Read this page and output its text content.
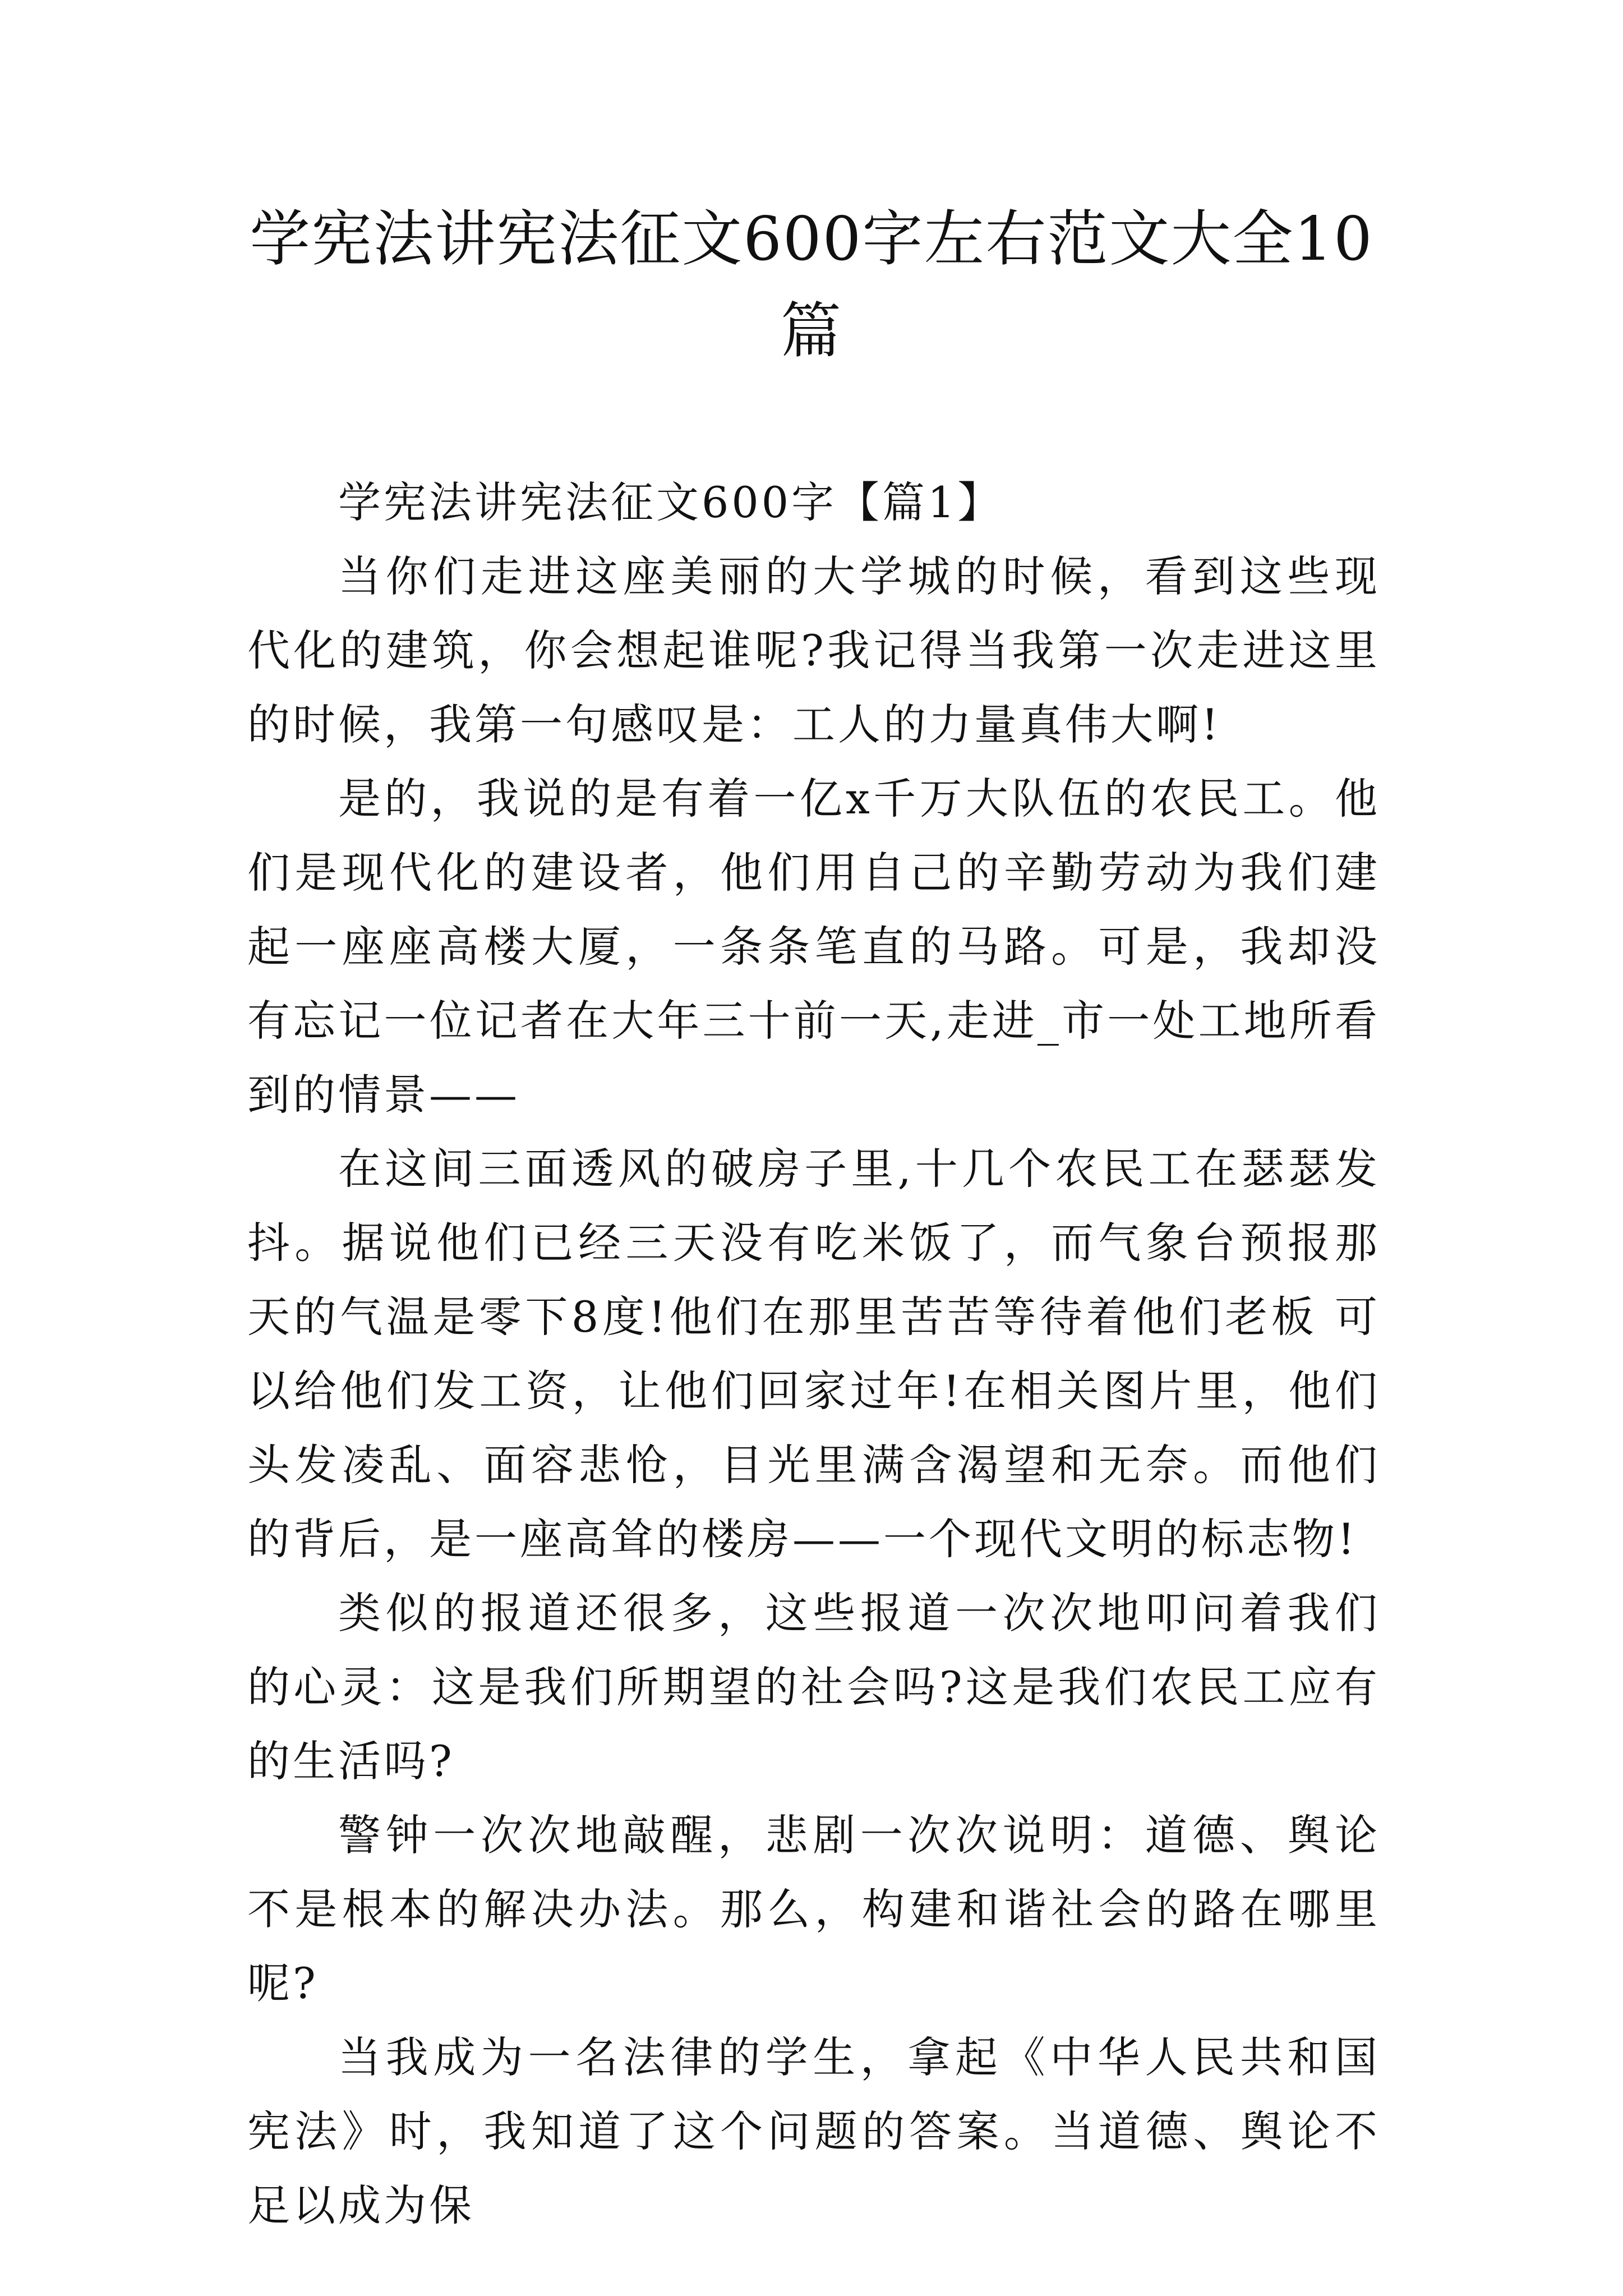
学宪法讲宪法征文600字左右范文大全10篇

学宪法讲宪法征文600字【篇1】

当你们走进这座美丽的大学城的时候，看到这些现代化的建筑，你会想起谁呢?我记得当我第一次走进这里的时候，我第一句感叹是：工人的力量真伟大啊!

是的，我说的是有着一亿x千万大队伍的农民工。他们是现代化的建设者，他们用自己的辛勤劳动为我们建起一座座高楼大厦，一条条笔直的马路。可是，我却没有忘记一位记者在大年三十前一天,走进_市一处工地所看到的情景——

在这间三面透风的破房子里,十几个农民工在瑟瑟发抖。据说他们已经三天没有吃米饭了，而气象台预报那天的气温是零下8度!他们在那里苦苦等待着他们老板 可以给他们发工资，让他们回家过年!在相关图片里，他们头发凌乱、面容悲怆，目光里满含渴望和无奈。而他们的背后，是一座高耸的楼房——一个现代文明的标志物!

类似的报道还很多，这些报道一次次地叩问着我们的心灵：这是我们所期望的社会吗?这是我们农民工应有的生活吗?

警钟一次次地敲醒，悲剧一次次说明：道德、舆论不是根本的解决办法。那么，构建和谐社会的路在哪里呢?

当我成为一名法律的学生，拿起《中华人民共和国宪法》时，我知道了这个问题的答案。当道德、舆论不足以成为保
